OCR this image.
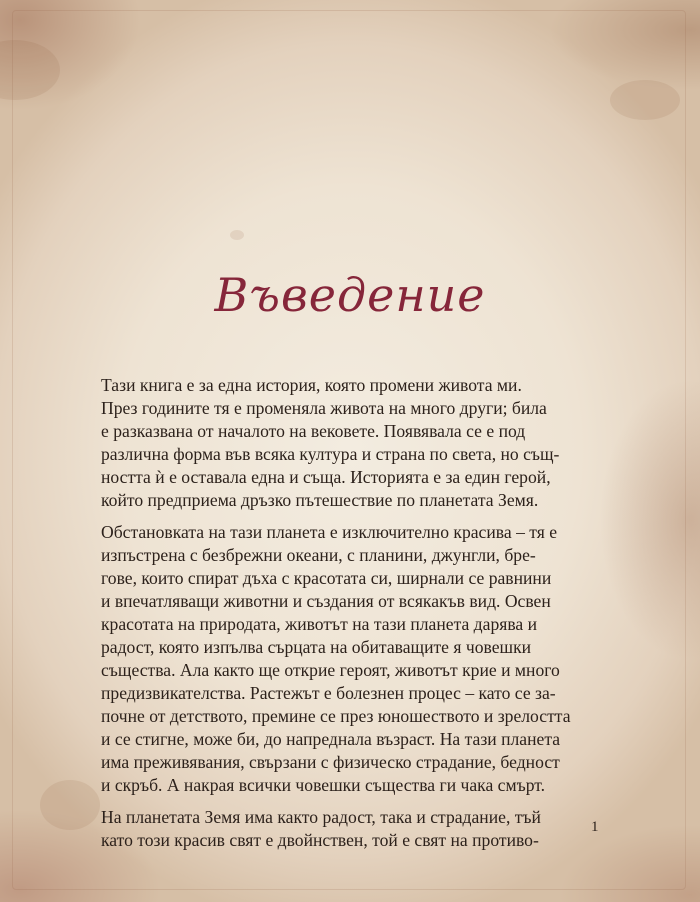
Въведение

Тази книга е за една история, която промени живота ми.
През годините тя е променяла живота на много други; била
е разказвана от началото на вековете. Появявала се е под
различна форма във всяка култура и страна по света, но същ-
ността ѝ е оставала една и съща. Историята е за един герой,
който предприема дръзко пътешествие по планетата Земя.

Обстановката на тази планета е изключително красива – тя е
изпъстрена с безбрежни океани, с планини, джунгли, бре-
гове, които спират дъха с красотата си, ширнали се равнини
и впечатляващи животни и създания от всякакъв вид. Освен
красотата на природата, животът на тази планета дарява и
радост, която изпълва сърцата на обитаващите я човешки
същества. Ала както ще открие героят, животът крие и много
предизвикателства. Растежът е болезнен процес – като се за-
почне от детството, премине се през юношеството и зрелостта
и се стигне, може би, до напреднала възраст. На тази планета
има преживявания, свързани с физическо страдание, бедност
и скръб. А накрая всички човешки същества ги чака смърт.

На планетата Земя има както радост, така и страдание, тъй
като този красив свят е двойнствен, той е свят на противо-

1
